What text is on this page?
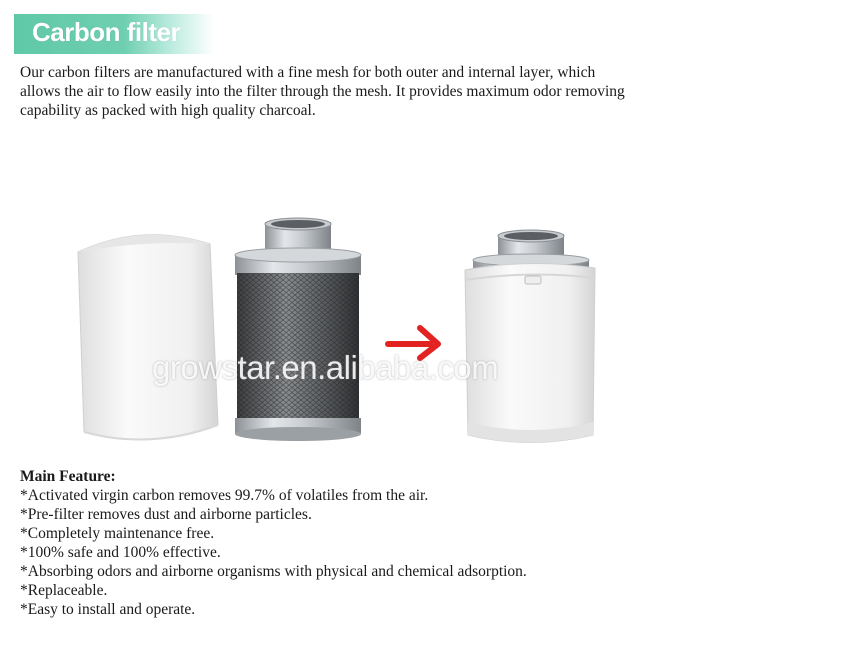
Carbon filter
Our carbon filters are manufactured with a fine mesh for both outer and internal layer, which
allows the air to flow easily into the filter through the mesh. It provides maximum odor removing
capability as packed with high quality charcoal.
growstar.en.alibaba.com
Main Feature:
*Activated virgin carbon removes 99.7% of volatiles from the air.
*Pre-filter removes dust and airborne particles.
*Completely maintenance free.
*100% safe and 100% effective.
*Absorbing odors and airborne organisms with physical and chemical adsorption.
*Replaceable.
*Easy to install and operate.
